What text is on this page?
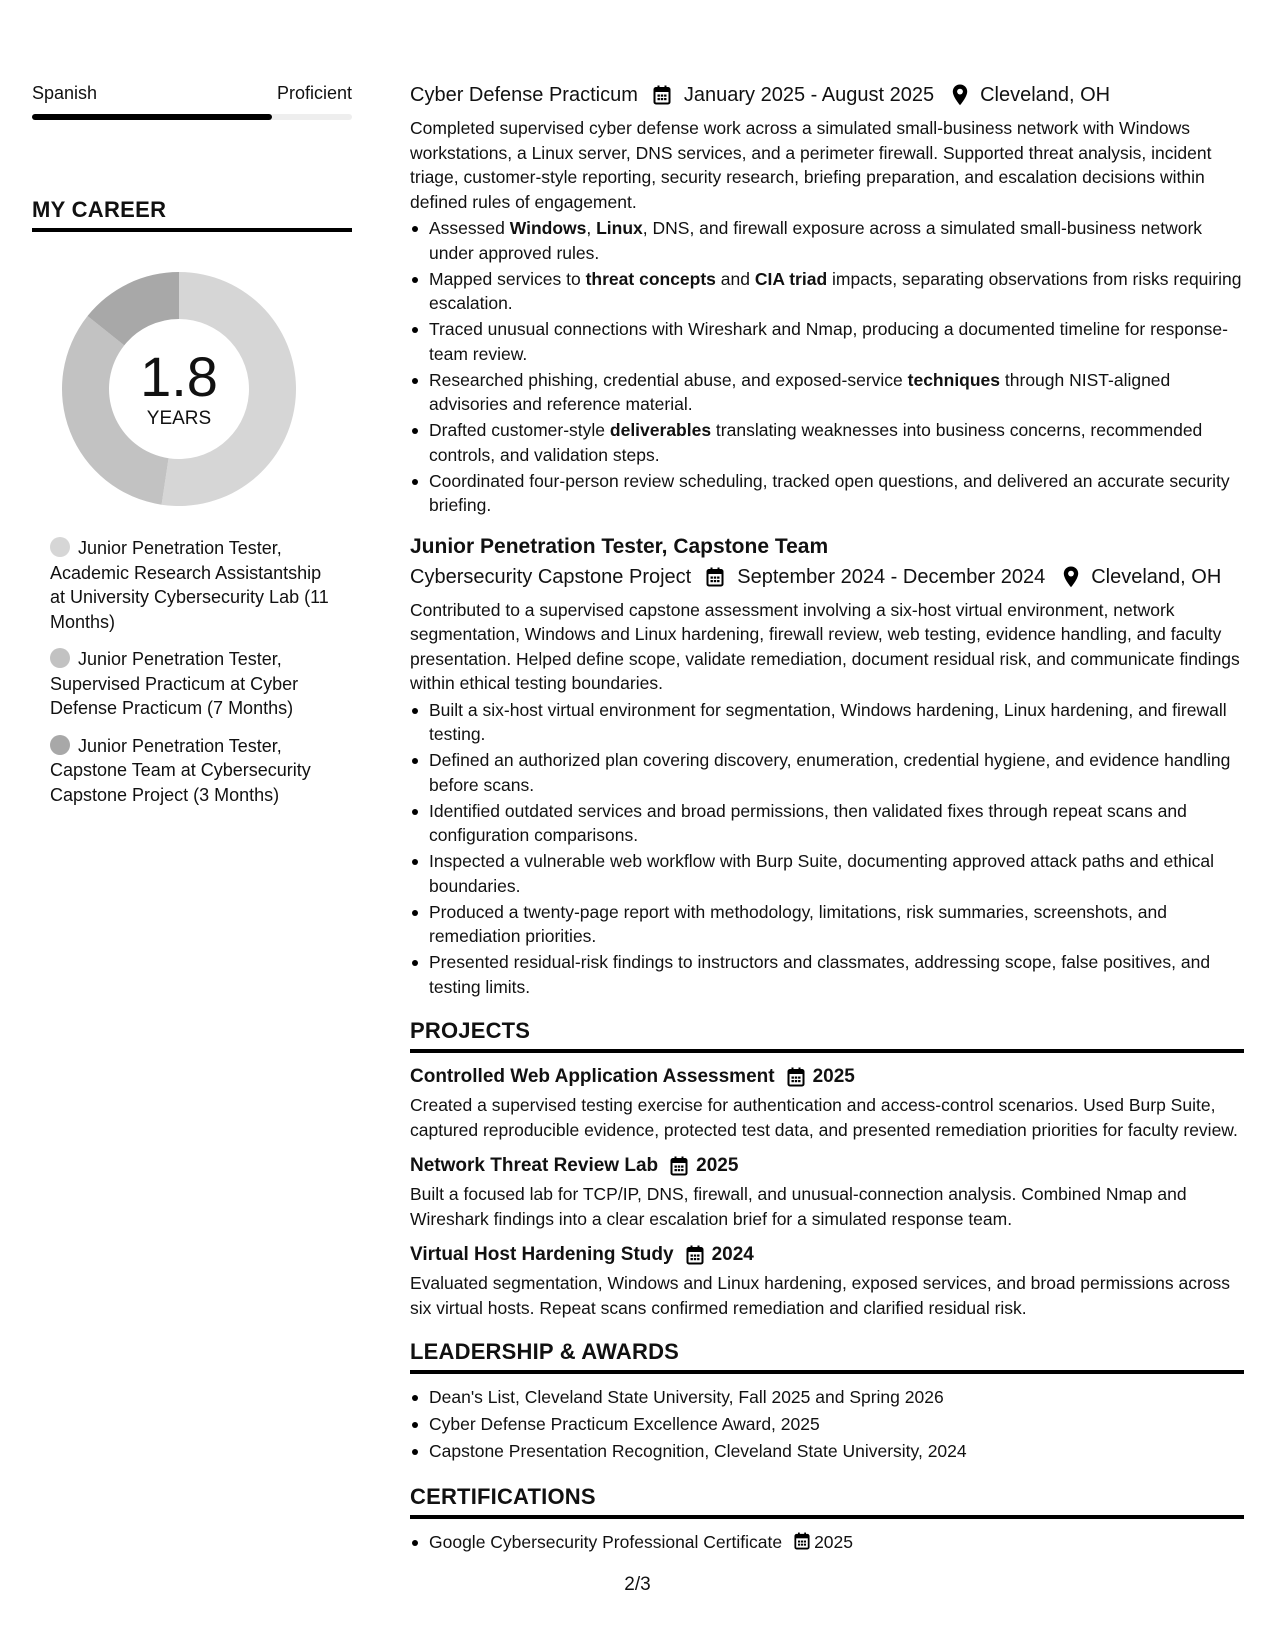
Spanish	Proficient
MY CAREER
1.8
YEARS
Junior Penetration Tester, Academic Research Assistantship at University Cybersecurity Lab (11 Months)
Junior Penetration Tester, Supervised Practicum at Cyber Defense Practicum (7 Months)
Junior Penetration Tester, Capstone Team at Cybersecurity Capstone Project (3 Months)
Cyber Defense Practicum January 2025 - August 2025 Cleveland, OH

Completed supervised cyber defense work across a simulated small-business network with Windows workstations, a Linux server, DNS services, and a perimeter firewall. Supported threat analysis, incident triage, customer-style reporting, security research, briefing preparation, and escalation decisions within defined rules of engagement.

Assessed Windows, Linux, DNS, and firewall exposure across a simulated small-business network under approved rules.
Mapped services to threat concepts and CIA triad impacts, separating observations from risks requiring escalation.
Traced unusual connections with Wireshark and Nmap, producing a documented timeline for response-team review.
Researched phishing, credential abuse, and exposed-service techniques through NIST-aligned advisories and reference material.
Drafted customer-style deliverables translating weaknesses into business concerns, recommended controls, and validation steps.
Coordinated four-person review scheduling, tracked open questions, and delivered an accurate security briefing.
Junior Penetration Tester, Capstone Team
Cybersecurity Capstone Project September 2024 - December 2024 Cleveland, OH

Contributed to a supervised capstone assessment involving a six-host virtual environment, network segmentation, Windows and Linux hardening, firewall review, web testing, evidence handling, and faculty presentation. Helped define scope, validate remediation, document residual risk, and communicate findings within ethical testing boundaries.

Built a six-host virtual environment for segmentation, Windows hardening, Linux hardening, and firewall testing.
Defined an authorized plan covering discovery, enumeration, credential hygiene, and evidence handling before scans.
Identified outdated services and broad permissions, then validated fixes through repeat scans and configuration comparisons.
Inspected a vulnerable web workflow with Burp Suite, documenting approved attack paths and ethical boundaries.
Produced a twenty-page report with methodology, limitations, risk summaries, screenshots, and remediation priorities.
Presented residual-risk findings to instructors and classmates, addressing scope, false positives, and testing limits.
PROJECTS
Controlled Web Application Assessment 2025

Created a supervised testing exercise for authentication and access-control scenarios. Used Burp Suite, captured reproducible evidence, protected test data, and presented remediation priorities for faculty review.

Network Threat Review Lab 2025

Built a focused lab for TCP/IP, DNS, firewall, and unusual-connection analysis. Combined Nmap and Wireshark findings into a clear escalation brief for a simulated response team.

Virtual Host Hardening Study 2024

Evaluated segmentation, Windows and Linux hardening, exposed services, and broad permissions across six virtual hosts. Repeat scans confirmed remediation and clarified residual risk.

LEADERSHIP & AWARDS
Dean's List, Cleveland State University, Fall 2025 and Spring 2026
Cyber Defense Practicum Excellence Award, 2025
Capstone Presentation Recognition, Cleveland State University, 2024
CERTIFICATIONS
Google Cybersecurity Professional Certificate 2025
2/3
